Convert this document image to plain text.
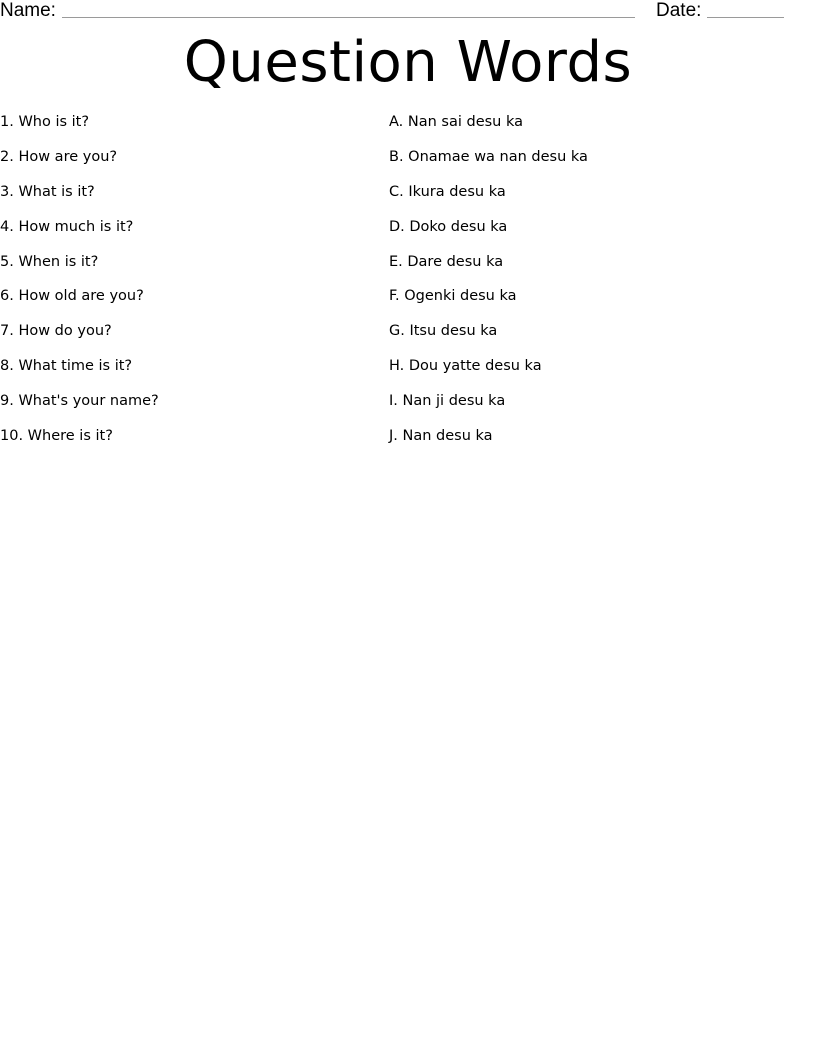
Name:	Date:
Question Words
1. Who is it?
2. How are you?
3. What is it?
4. How much is it?
5. When is it?
6. How old are you?
7. How do you?
8. What time is it?
9. What's your name?
10. Where is it?
A. Nan sai desu ka
B. Onamae wa nan desu ka
C. Ikura desu ka
D. Doko desu ka
E. Dare desu ka
F. Ogenki desu ka
G. Itsu desu ka
H. Dou yatte desu ka
I. Nan ji desu ka
J. Nan desu ka
